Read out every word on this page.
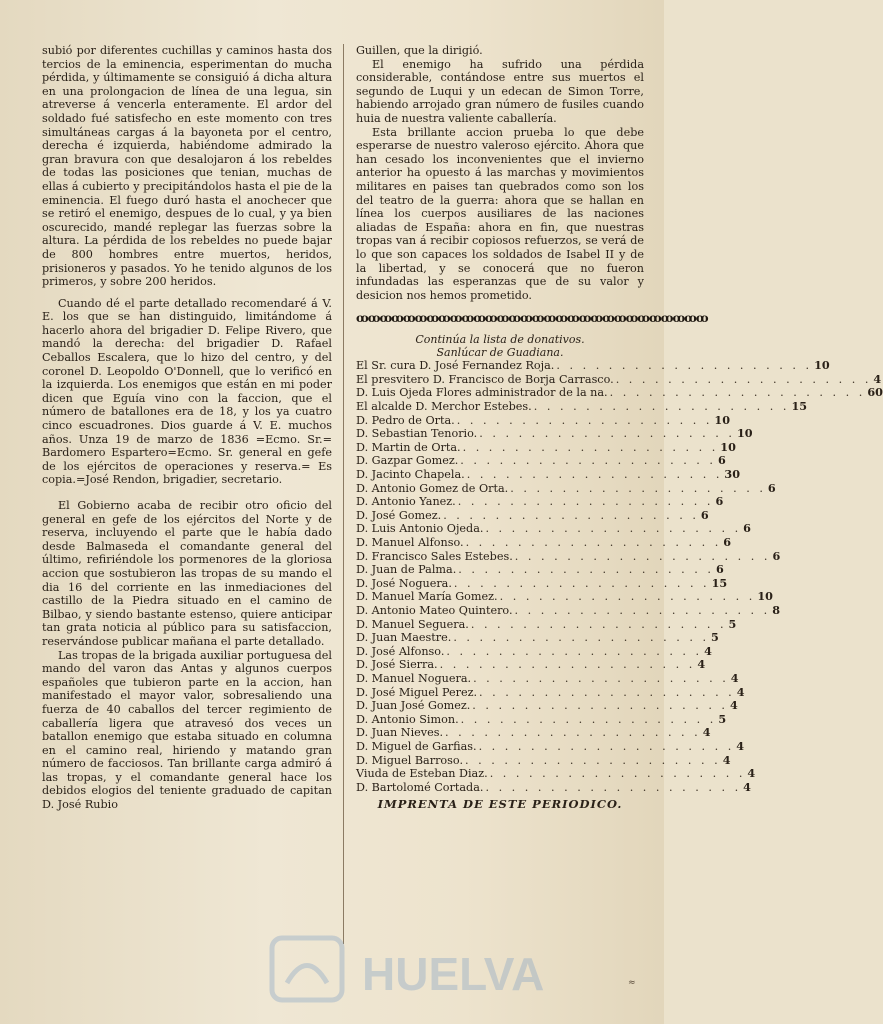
subió por diferentes cuchillas y caminos hasta dos tercios de la eminencia, esperimentan do mucha pérdida, y últimamente se consiguió á dicha altura en una prolongacion de línea de una legua, sin atreverse á vencerla enteramente. El ardor del soldado fué satisfecho en este momento con tres simultáneas cargas á la bayoneta por el centro, derecha é izquierda, habiéndome admirado la gran bravura con que desalojaron á los rebeldes de todas las posiciones que tenian, muchas de ellas á cubierto y precipitándolos hasta el pie de la eminencia. El fuego duró hasta el anochecer que se retiró el enemigo, despues de lo cual, y ya bien oscurecido, mandé replegar las fuerzas sobre la altura. La pérdida de los rebeldes no puede bajar de 800 hombres entre muertos, heridos, prisioneros y pasados. Yo he tenido algunos de los primeros, y sobre 200 heridos.

Cuando dé el parte detallado recomendaré á V. E. los que se han distinguido, limitándome á hacerlo ahora del brigadier D. Felipe Rivero, que mandó la derecha: del brigadier D. Rafael Ceballos Escalera, que lo hizo del centro, y del coronel D. Leopoldo O'Donnell, que lo verificó en la izquierda. Los enemigos que están en mi poder dicen que Eguía vino con la faccion, que el número de batallones era de 18, y los ya cuatro cinco escuadrones. Dios guarde á V. E. muchos años. Unza 19 de marzo de 1836 =Ecmo. Sr.= Bardomero Espartero=Ecmo. Sr. general en gefe de los ejércitos de operaciones y reserva.= Es copia.=José Rendon, brigadier, secretario.

El Gobierno acaba de recibir otro oficio del general en gefe de los ejércitos del Norte y de reserva, incluyendo el parte que le había dado desde Balmaseda el comandante general del último, refiriéndole los pormenores de la gloriosa accion que sostubieron las tropas de su mando el dia 16 del corriente en las inmediaciones del castillo de la Piedra situado en el camino de Bilbao, y siendo bastante estenso, quiere anticipar tan grata noticia al público para su satisfaccion, reservándose publicar mañana el parte detallado.

Las tropas de la brigada auxiliar portuguesa del mando del varon das Antas y algunos cuerpos españoles que tubieron parte en la accion, han manifestado el mayor valor, sobresaliendo una fuerza de 40 caballos del tercer regimiento de caballería ligera que atravesó dos veces un batallon enemigo que estaba situado en columna en el camino real, hiriendo y matando gran número de facciosos. Tan brillante carga admiró á las tropas, y el comandante general hace los debidos elogios del teniente graduado de capitan D. José Rubio

Guillen, que la dirigió.

El enemigo ha sufrido una pérdida considerable, contándose entre sus muertos el segundo de Luqui y un edecan de Simon Torre, habiendo arrojado gran número de fusiles cuando huia de nuestra valiente caballería.

Esta brillante accion prueba lo que debe esperarse de nuestro valeroso ejército. Ahora que han cesado los inconvenientes que el invierno anterior ha opuesto á las marchas y movimientos militares en paises tan quebrados como son los del teatro de la guerra: ahora que se hallan en línea los cuerpos ausiliares de las naciones aliadas de España: ahora en fin, que nuestras tropas van á recibir copiosos refuerzos, se verá de lo que son capaces los soldados de Isabel II y de la libertad, y se conocerá que no fueron infundadas las esperanzas que de su valor y desicion nos hemos prometido.

ꝏꝏꝏꝏꝏꝏꝏꝏꝏꝏꝏꝏꝏꝏꝏꝏꝏꝏꝏꝏꝏꝏꝏꝏꝏꝏꝏꝏꝏꝏ
Continúa la lista de donativos.
Sanlúcar de Guadiana.
El Sr. cura D. José Fernandez Roja. . . . . . . . . . . . . . . . . . . . . 10
El presvitero D. Francisco de Borja Carrasco. . . . . . . . . . . . . . . . . . . . . 4
D. Luis Ojeda Flores administrador de la na. . . . . . . . . . . . . . . . . . . . . 60
El alcalde D. Merchor Estebes. . . . . . . . . . . . . . . . . . . . . 15
D. Pedro de Orta. . . . . . . . . . . . . . . . . . . . . 10
D. Sebastian Tenorio. . . . . . . . . . . . . . . . . . . . . 10
D. Martin de Orta. . . . . . . . . . . . . . . . . . . . . 10
D. Gazpar Gomez. . . . . . . . . . . . . . . . . . . . . 6
D. Jacinto Chapela. . . . . . . . . . . . . . . . . . . . . 30
D. Antonio Gomez de Orta. . . . . . . . . . . . . . . . . . . . . 6
D. Antonio Yanez. . . . . . . . . . . . . . . . . . . . . 6
D. José Gomez. . . . . . . . . . . . . . . . . . . . . 6
D. Luis Antonio Ojeda. . . . . . . . . . . . . . . . . . . . . 6
D. Manuel Alfonso. . . . . . . . . . . . . . . . . . . . . 6
D. Francisco Sales Estebes. . . . . . . . . . . . . . . . . . . . . 6
D. Juan de Palma. . . . . . . . . . . . . . . . . . . . . 6
D. José Noguera. . . . . . . . . . . . . . . . . . . . . 15
D. Manuel María Gomez. . . . . . . . . . . . . . . . . . . . . 10
D. Antonio Mateo Quintero. . . . . . . . . . . . . . . . . . . . . 8
D. Manuel Seguera. . . . . . . . . . . . . . . . . . . . . 5
D. Juan Maestre. . . . . . . . . . . . . . . . . . . . . 5
D. José Alfonso. . . . . . . . . . . . . . . . . . . . . 4
D. José Sierra. . . . . . . . . . . . . . . . . . . . . 4
D. Manuel Noguera. . . . . . . . . . . . . . . . . . . . . 4
D. José Miguel Perez. . . . . . . . . . . . . . . . . . . . . 4
D. Juan José Gomez. . . . . . . . . . . . . . . . . . . . . 4
D. Antonio Simon. . . . . . . . . . . . . . . . . . . . . 5
D. Juan Nieves. . . . . . . . . . . . . . . . . . . . . 4
D. Miguel de Garfias. . . . . . . . . . . . . . . . . . . . . 4
D. Miguel Barroso. . . . . . . . . . . . . . . . . . . . . 4
Viuda de Esteban Diaz. . . . . . . . . . . . . . . . . . . . . 4
D. Bartolomé Cortada. . . . . . . . . . . . . . . . . . . . . 4
IMPRENTA DE ESTE PERIODICO.
HUELVA	≈
